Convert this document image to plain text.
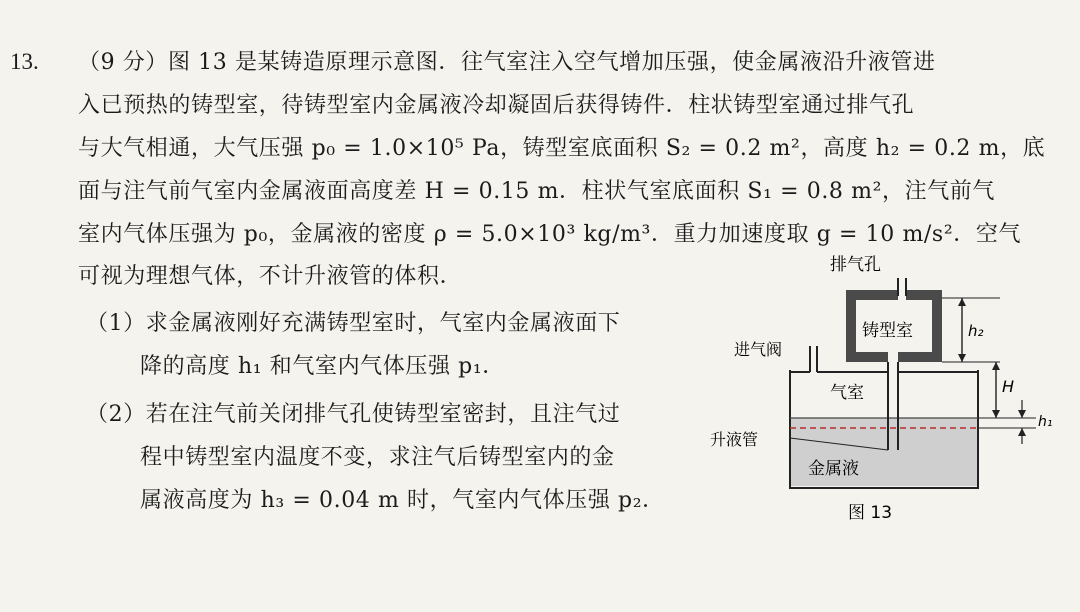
13. （9 分）图 13 是某铸造原理示意图．往气室注入空气增加压强，使金属液沿升液管进
入已预热的铸型室，待铸型室内金属液冷却凝固后获得铸件．柱状铸型室通过排气孔
与大气相通，大气压强 p₀ = 1.0×10⁵ Pa，铸型室底面积 S₂ = 0.2 m²，高度 h₂ = 0.2 m，底
面与注气前气室内金属液面高度差 H = 0.15 m．柱状气室底面积 S₁ = 0.8 m²，注气前气
室内气体压强为 p₀，金属液的密度 ρ = 5.0×10³ kg/m³．重力加速度取 g = 10 m/s²．空气
可视为理想气体，不计升液管的体积．
（1）求金属液刚好充满铸型室时，气室内金属液面下
降的高度 h₁ 和气室内气体压强 p₁．
（2）若在注气前关闭排气孔使铸型室密封，且注气过
程中铸型室内温度不变，求注气后铸型室内的金
属液高度为 h₃ = 0.04 m 时，气室内气体压强 p₂．
排气孔
铸型室	h₂
进气阀
气室
升液管
金属液
H
h₁
图 13
